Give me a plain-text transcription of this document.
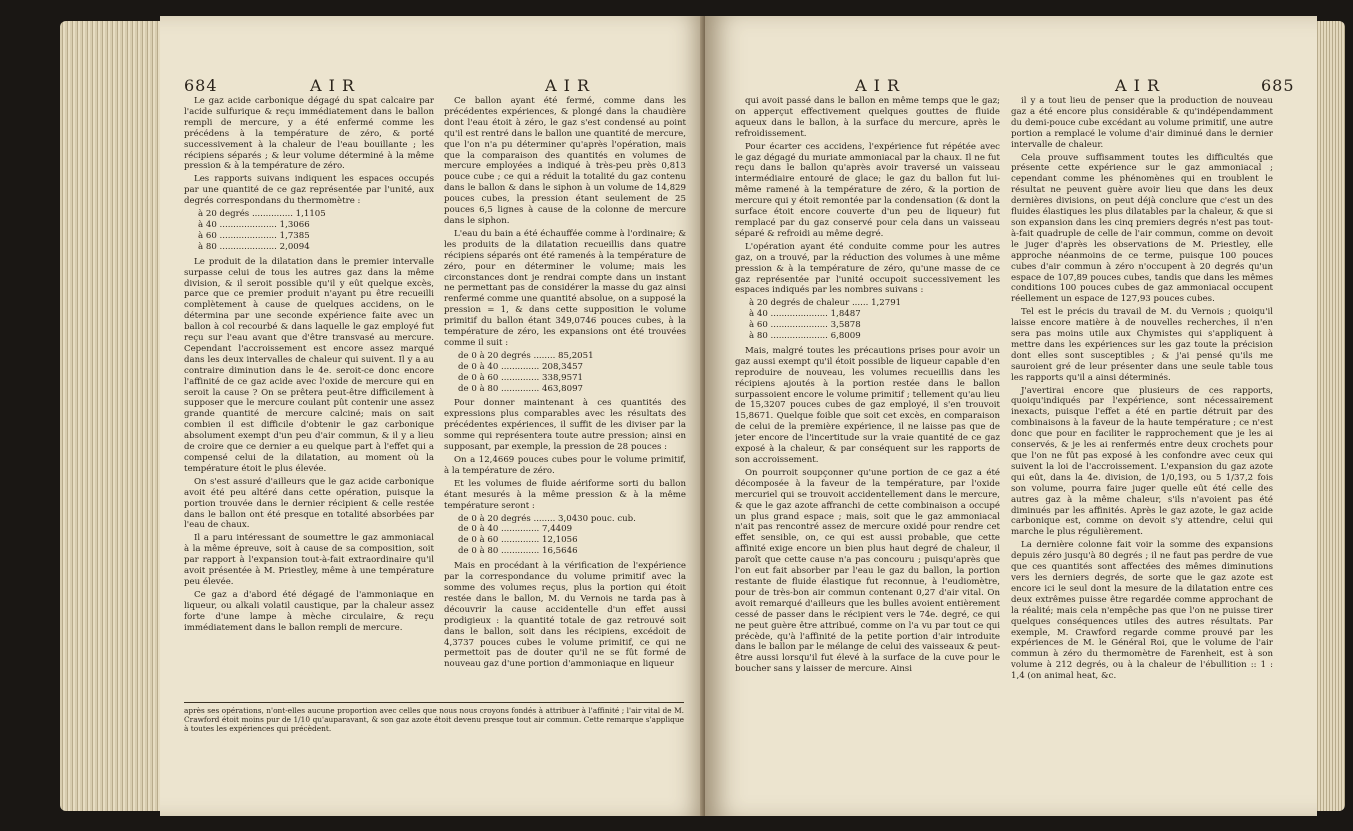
684	A I R	A I R

Le gaz acide carbonique dégagé du spat calcaire par l'acide sulfurique & reçu immédiatement dans le ballon rempli de mercure, y a été enfermé comme les précédens à la température de zéro, & porté successivement à la chaleur de l'eau bouillante ; les récipiens séparés ; & leur volume déterminé à la même pression & à la température de zéro.

Les rapports suivans indiquent les espaces occupés par une quantité de ce gaz représentée par l'unité, aux degrés correspondans du thermomètre :

à 20 degrés ............... 1,1105
à 40 ..................... 1,3066
à 60 ..................... 1,7385
à 80 ..................... 2,0094

Le produit de la dilatation dans le premier intervalle surpasse celui de tous les autres gaz dans la même division, & il seroit possible qu'il y eût quelque excès, parce que ce premier produit n'ayant pu être recueilli complètement à cause de quelques accidens, on le détermina par une seconde expérience faite avec un ballon à col recourbé & dans laquelle le gaz employé fut reçu sur l'eau avant que d'être transvasé au mercure. Cependant l'accroissement est encore assez marqué dans les deux intervalles de chaleur qui suivent. Il y a au contraire diminution dans le 4e. seroit-ce donc encore l'affinité de ce gaz acide avec l'oxide de mercure qui en seroit la cause ? On se prêtera peut-être difficilement à supposer que le mercure coulant pût contenir une assez grande quantité de mercure calciné; mais on sait combien il est difficile d'obtenir le gaz carbonique absolument exempt d'un peu d'air commun, & il y a lieu de croire que ce dernier a eu quelque part à l'effet qui a compensé celui de la dilatation, au moment où la température étoit le plus élevée.

On s'est assuré d'ailleurs que le gaz acide carbonique avoit été peu altéré dans cette opération, puisque la portion trouvée dans le dernier récipient & celle restée dans le ballon ont été presque en totalité absorbées par l'eau de chaux.

Il a paru intéressant de soumettre le gaz ammoniacal à la même épreuve, soit à cause de sa composition, soit par rapport à l'expansion tout-à-fait extraordinaire qu'il avoit présentée à M. Priestley, même à une température peu élevée.

Ce gaz a d'abord été dégagé de l'ammoniaque en liqueur, ou alkali volatil caustique, par la chaleur assez forte d'une lampe à mèche circulaire, & reçu immédiatement dans le ballon rempli de mercure.

Ce ballon ayant été fermé, comme dans les précédentes expériences, & plongé dans la chaudière dont l'eau étoit à zéro, le gaz s'est condensé au point qu'il est rentré dans le ballon une quantité de mercure, que l'on n'a pu déterminer qu'après l'opération, mais que la comparaison des quantités en volumes de mercure employées a indiqué à très-peu près 0,813 pouce cube ; ce qui a réduit la totalité du gaz contenu dans le ballon & dans le siphon à un volume de 14,829 pouces cubes, la pression étant seulement de 25 pouces 6,5 lignes à cause de la colonne de mercure dans le siphon.

L'eau du bain a été échauffée comme à l'ordinaire; & les produits de la dilatation recueillis dans quatre récipiens séparés ont été ramenés à la température de zéro, pour en déterminer le volume; mais les circonstances dont je rendrai compte dans un instant ne permettant pas de considérer la masse du gaz ainsi renfermé comme une quantité absolue, on a supposé la pression = 1, & dans cette supposition le volume primitif du ballon étant 349,0746 pouces cubes, à la température de zéro, les expansions ont été trouvées comme il suit :

de 0 à 20 degrés ........ 85,2051
de 0 à 40 .............. 208,3457
de 0 à 60 .............. 338,9571
de 0 à 80 .............. 463,8097

Pour donner maintenant à ces quantités des expressions plus comparables avec les résultats des précédentes expériences, il suffit de les diviser par la somme qui représentera toute autre pression; ainsi en supposant, par exemple, la pression de 28 pouces :

On a 12,4669 pouces cubes pour le volume primitif, à la température de zéro.

Et les volumes de fluide aériforme sorti du ballon étant mesurés à la même pression & à la même température seront :

de 0 à 20 degrés ........ 3,0430 pouc. cub.
de 0 à 40 .............. 7,4409
de 0 à 60 .............. 12,1056
de 0 à 80 .............. 16,5646

Mais en procédant à la vérification de l'expérience par la correspondance du volume primitif avec la somme des volumes reçus, plus la portion qui étoit restée dans le ballon, M. du Vernois ne tarda pas à découvrir la cause accidentelle d'un effet aussi prodigieux : la quantité totale de gaz retrouvé soit dans le ballon, soit dans les récipiens, excédoit de 4,3737 pouces cubes le volume primitif, ce qui ne permettoit pas de douter qu'il ne se fût formé de nouveau gaz d'une portion d'ammoniaque en liqueur

après ses opérations, n'ont-elles aucune proportion avec celles que nous nous croyons fondés à attribuer à l'affinité ; l'air vital de M. Crawford étoit moins pur de 1/10 qu'auparavant, & son gaz azote étoit devenu presque tout air commun. Cette remarque s'applique à toutes les expériences qui précèdent.
A I R	A I R	685

qui avoit passé dans le ballon en même temps que le gaz; on apperçut effectivement quelques gouttes de fluide aqueux dans le ballon, à la surface du mercure, après le refroidissement.

Pour écarter ces accidens, l'expérience fut répétée avec le gaz dégagé du muriate ammoniacal par la chaux. Il ne fut reçu dans le ballon qu'après avoir traversé un vaisseau intermédiaire entouré de glace; le gaz du ballon fut lui-même ramené à la température de zéro, & la portion de mercure qui y étoit remontée par la condensation (& dont la surface étoit encore couverte d'un peu de liqueur) fut remplacé par du gaz conservé pour cela dans un vaisseau séparé & refroidi au même degré.

L'opération ayant été conduite comme pour les autres gaz, on a trouvé, par la réduction des volumes à une même pression & à la température de zéro, qu'une masse de ce gaz représentée par l'unité occupoit successivement les espaces indiqués par les nombres suivans :

à 20 degrés de chaleur ...... 1,2791
à 40 ..................... 1,8487
à 60 ..................... 3,5878
à 80 ..................... 6,8009

Mais, malgré toutes les précautions prises pour avoir un gaz aussi exempt qu'il étoit possible de liqueur capable d'en reproduire de nouveau, les volumes recueillis dans les récipiens ajoutés à la portion restée dans le ballon surpassoient encore le volume primitif ; tellement qu'au lieu de 15,3207 pouces cubes de gaz employé, il s'en trouvoit 15,8671. Quelque foible que soit cet excès, en comparaison de celui de la première expérience, il ne laisse pas que de jeter encore de l'incertitude sur la vraie quantité de ce gaz exposé à la chaleur, & par conséquent sur les rapports de son accroissement.

On pourroit soupçonner qu'une portion de ce gaz a été décomposée à la faveur de la température, par l'oxide mercuriel qui se trouvoit accidentellement dans le mercure, & que le gaz azote affranchi de cette combinaison a occupé un plus grand espace ; mais, soit que le gaz ammoniacal n'ait pas rencontré assez de mercure oxidé pour rendre cet effet sensible, on, ce qui est aussi probable, que cette affinité exige encore un bien plus haut degré de chaleur, il paroît que cette cause n'a pas concouru ; puisqu'après que l'on eut fait absorber par l'eau le gaz du ballon, la portion restante de fluide élastique fut reconnue, à l'eudiomètre, pour de très-bon air commun contenant 0,27 d'air vital. On avoit remarqué d'ailleurs que les bulles avoient entièrement cessé de passer dans le récipient vers le 74e. degré, ce qui ne peut guère être attribué, comme on l'a vu par tout ce qui précède, qu'à l'affinité de la petite portion d'air introduite dans le ballon par le mélange de celui des vaisseaux & peut-être aussi lorsqu'il fut élevé à la surface de la cuve pour le boucher sans y laisser de mercure. Ainsi

il y a tout lieu de penser que la production de nouveau gaz a été encore plus considérable & qu'indépendamment du demi-pouce cube excédant au volume primitif, une autre portion a remplacé le volume d'air diminué dans le dernier intervalle de chaleur.

Cela prouve suffisamment toutes les difficultés que présente cette expérience sur le gaz ammoniacal ; cependant comme les phénomènes qui en troublent le résultat ne peuvent guère avoir lieu que dans les deux dernières divisions, on peut déjà conclure que c'est un des fluides élastiques les plus dilatables par la chaleur, & que si son expansion dans les cinq premiers degrés n'est pas tout-à-fait quadruple de celle de l'air commun, comme on devoit le juger d'après les observations de M. Priestley, elle approche néanmoins de ce terme, puisque 100 pouces cubes d'air commun à zéro n'occupent à 20 degrés qu'un espace de 107,89 pouces cubes, tandis que dans les mêmes conditions 100 pouces cubes de gaz ammoniacal occupent réellement un espace de 127,93 pouces cubes.

Tel est le précis du travail de M. du Vernois ; quoiqu'il laisse encore matière à de nouvelles recherches, il n'en sera pas moins utile aux Chymistes qui s'appliquent à mettre dans les expériences sur les gaz toute la précision dont elles sont susceptibles ; & j'ai pensé qu'ils me sauroient gré de leur présenter dans une seule table tous les rapports qu'il a ainsi déterminés.

J'avertirai encore que plusieurs de ces rapports, quoiqu'indiqués par l'expérience, sont nécessairement inexacts, puisque l'effet a été en partie détruit par des combinaisons à la faveur de la haute température ; ce n'est donc que pour en faciliter le rapprochement que je les ai conservés, & je les ai renfermés entre deux crochets pour que l'on ne fût pas exposé à les confondre avec ceux qui suivent la loi de l'accroissement. L'expansion du gaz azote qui eût, dans la 4e. division, de 1/0,193, ou 5 1/37,2 fois son volume, pourra faire juger quelle eût été celle des autres gaz à la même chaleur, s'ils n'avoient pas été diminués par les affinités. Après le gaz azote, le gaz acide carbonique est, comme on devoit s'y attendre, celui qui marche le plus régulièrement.

La dernière colonne fait voir la somme des expansions depuis zéro jusqu'à 80 degrés ; il ne faut pas perdre de vue que ces quantités sont affectées des mêmes diminutions vers les derniers degrés, de sorte que le gaz azote est encore ici le seul dont la mesure de la dilatation entre ces deux extrêmes puisse être regardée comme approchant de la réalité; mais cela n'empêche pas que l'on ne puisse tirer quelques conséquences utiles des autres résultats. Par exemple, M. Crawford regarde comme prouvé par les expériences de M. le Général Roi, que le volume de l'air commun à zéro du thermomètre de Farenheit, est à son volume à 212 degrés, ou à la chaleur de l'ébullition :: 1 : 1,4 (on animal heat, &c.
